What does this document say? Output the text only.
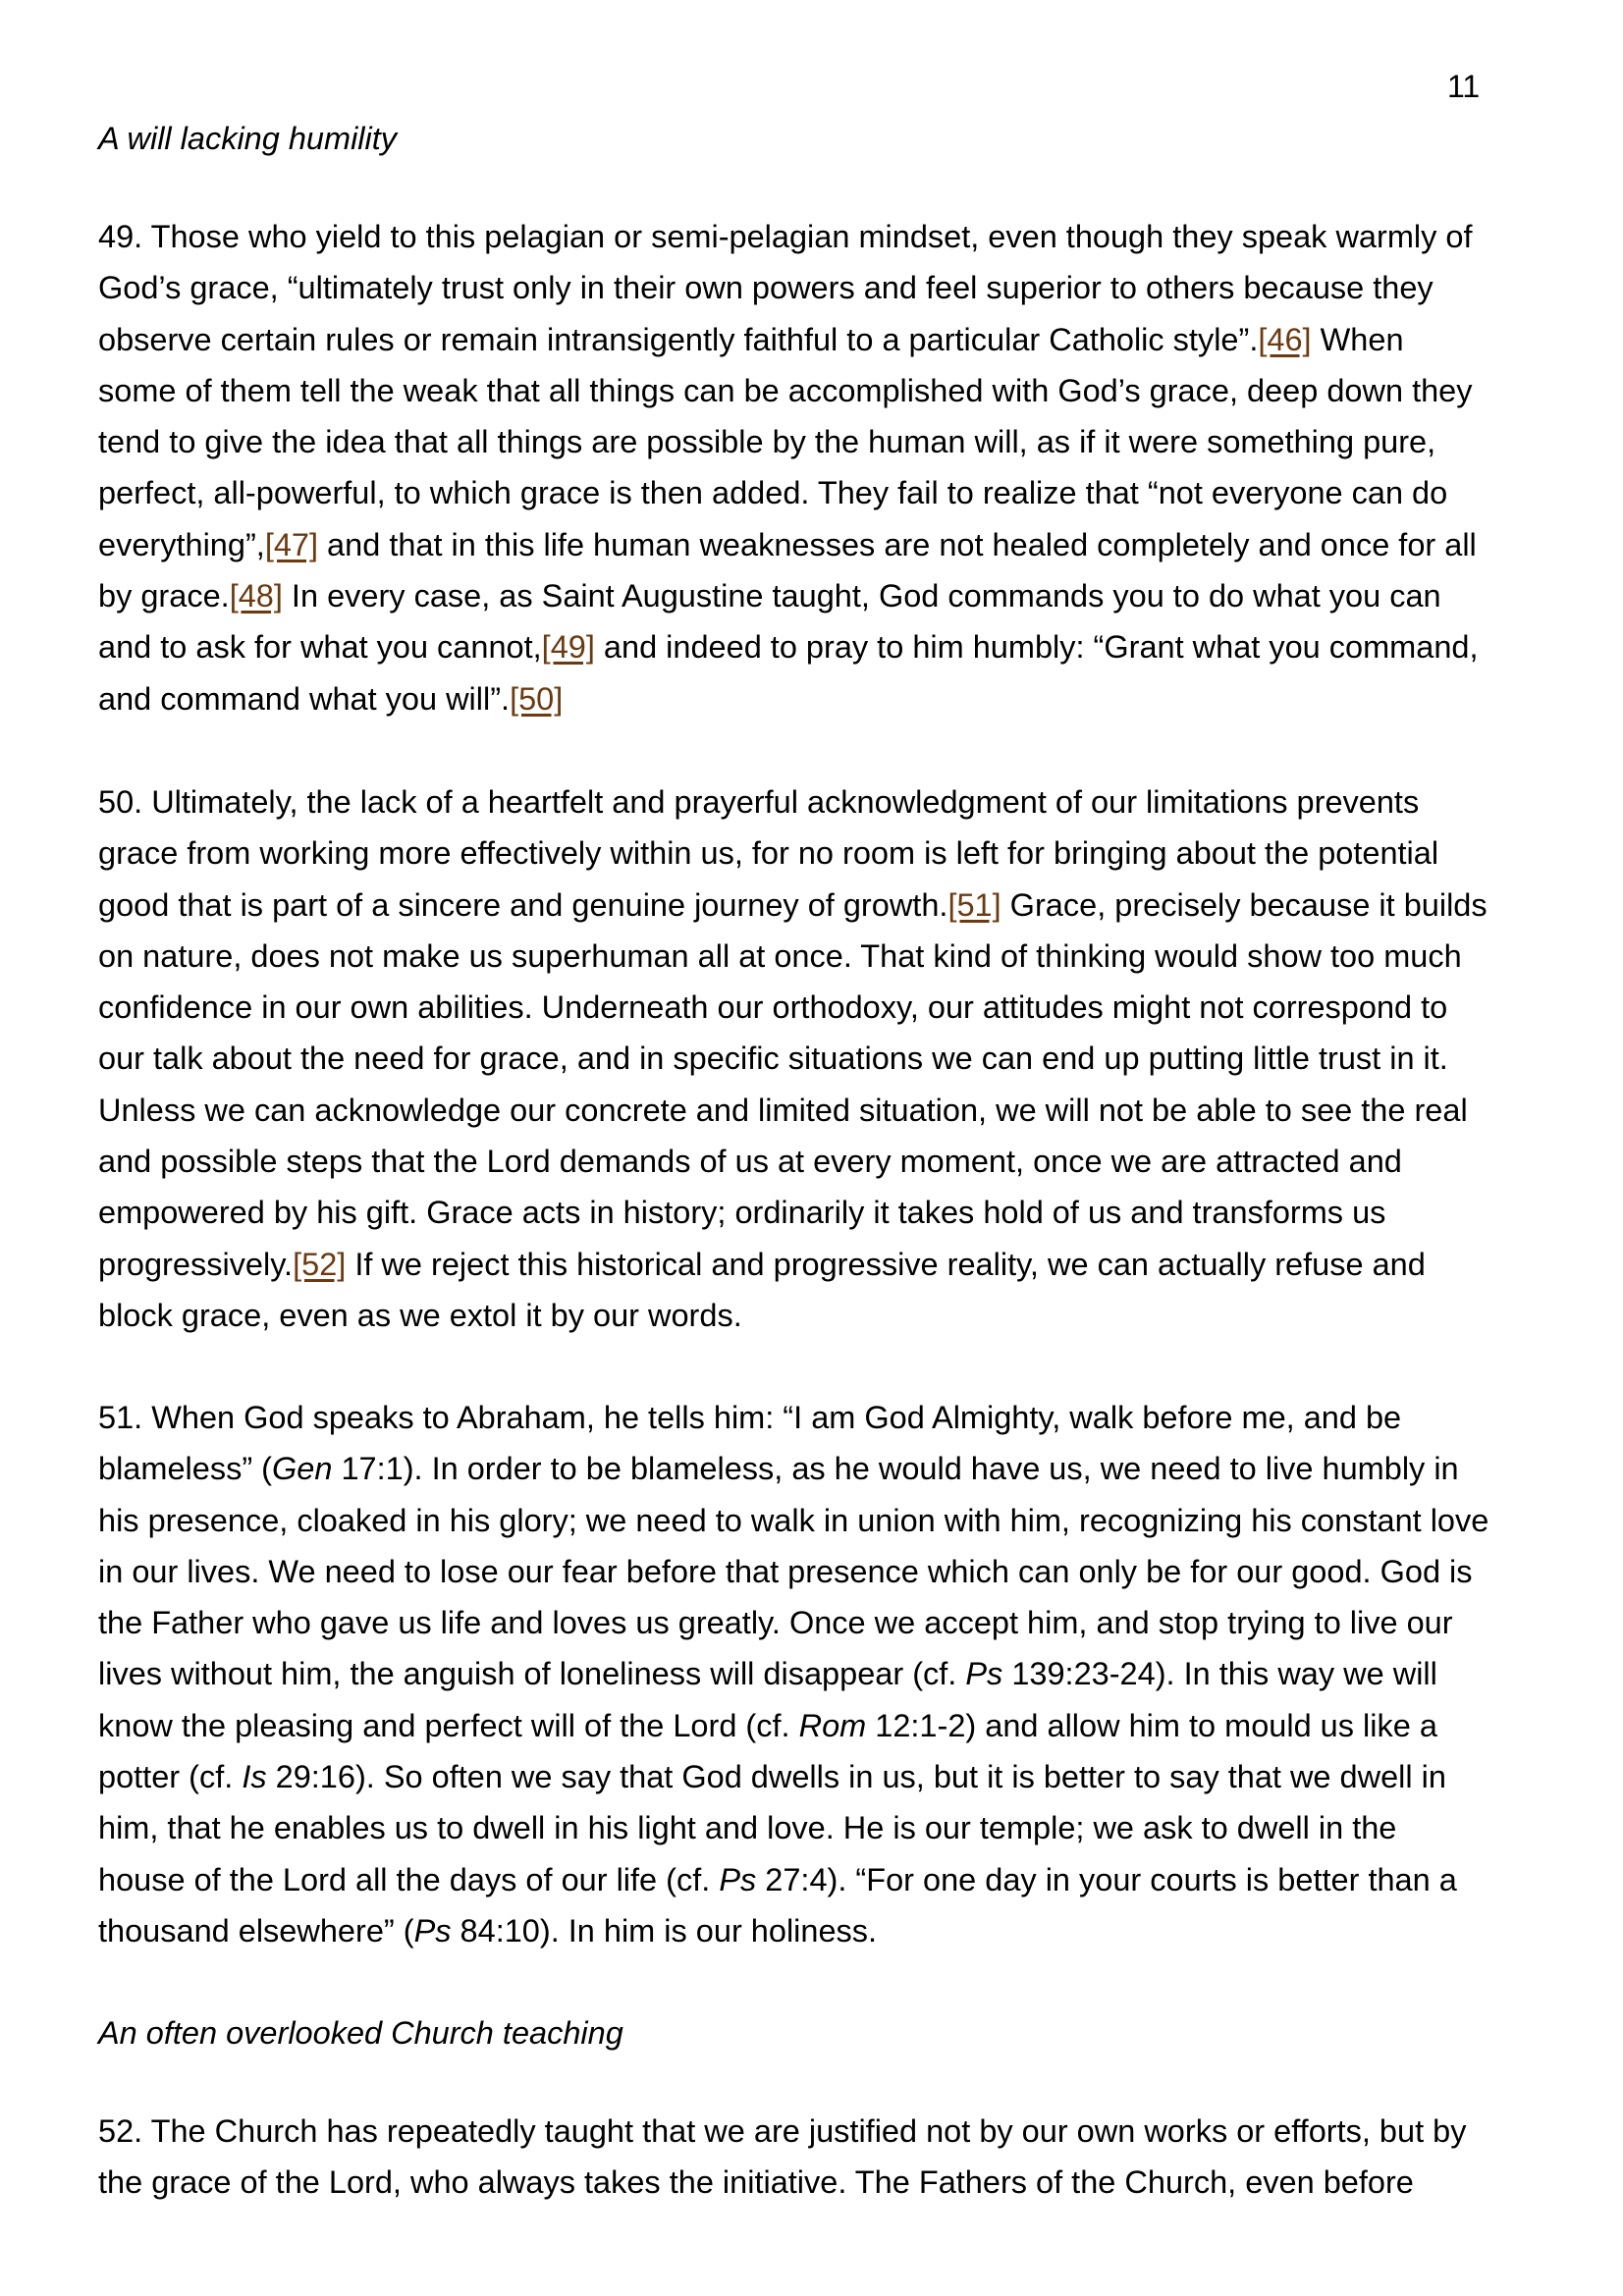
11
A will lacking humility
49. Those who yield to this pelagian or semi-pelagian mindset, even though they speak warmly of
God’s grace, “ultimately trust only in their own powers and feel superior to others because they
observe certain rules or remain intransigently faithful to a particular Catholic style”.[46] When
some of them tell the weak that all things can be accomplished with God’s grace, deep down they
tend to give the idea that all things are possible by the human will, as if it were something pure,
perfect, all-powerful, to which grace is then added. They fail to realize that “not everyone can do
everything”,[47] and that in this life human weaknesses are not healed completely and once for all
by grace.[48] In every case, as Saint Augustine taught, God commands you to do what you can
and to ask for what you cannot,[49] and indeed to pray to him humbly: “Grant what you command,
and command what you will”.[50]
50. Ultimately, the lack of a heartfelt and prayerful acknowledgment of our limitations prevents
grace from working more effectively within us, for no room is left for bringing about the potential
good that is part of a sincere and genuine journey of growth.[51] Grace, precisely because it builds
on nature, does not make us superhuman all at once. That kind of thinking would show too much
confidence in our own abilities. Underneath our orthodoxy, our attitudes might not correspond to
our talk about the need for grace, and in specific situations we can end up putting little trust in it.
Unless we can acknowledge our concrete and limited situation, we will not be able to see the real
and possible steps that the Lord demands of us at every moment, once we are attracted and
empowered by his gift. Grace acts in history; ordinarily it takes hold of us and transforms us
progressively.[52] If we reject this historical and progressive reality, we can actually refuse and
block grace, even as we extol it by our words.
51. When God speaks to Abraham, he tells him: “I am God Almighty, walk before me, and be
blameless” (Gen 17:1). In order to be blameless, as he would have us, we need to live humbly in
his presence, cloaked in his glory; we need to walk in union with him, recognizing his constant love
in our lives. We need to lose our fear before that presence which can only be for our good. God is
the Father who gave us life and loves us greatly. Once we accept him, and stop trying to live our
lives without him, the anguish of loneliness will disappear (cf. Ps 139:23-24). In this way we will
know the pleasing and perfect will of the Lord (cf. Rom 12:1-2) and allow him to mould us like a
potter (cf. Is 29:16). So often we say that God dwells in us, but it is better to say that we dwell in
him, that he enables us to dwell in his light and love. He is our temple; we ask to dwell in the
house of the Lord all the days of our life (cf. Ps 27:4). “For one day in your courts is better than a
thousand elsewhere” (Ps 84:10). In him is our holiness.
An often overlooked Church teaching
52. The Church has repeatedly taught that we are justified not by our own works or efforts, but by
the grace of the Lord, who always takes the initiative. The Fathers of the Church, even before
